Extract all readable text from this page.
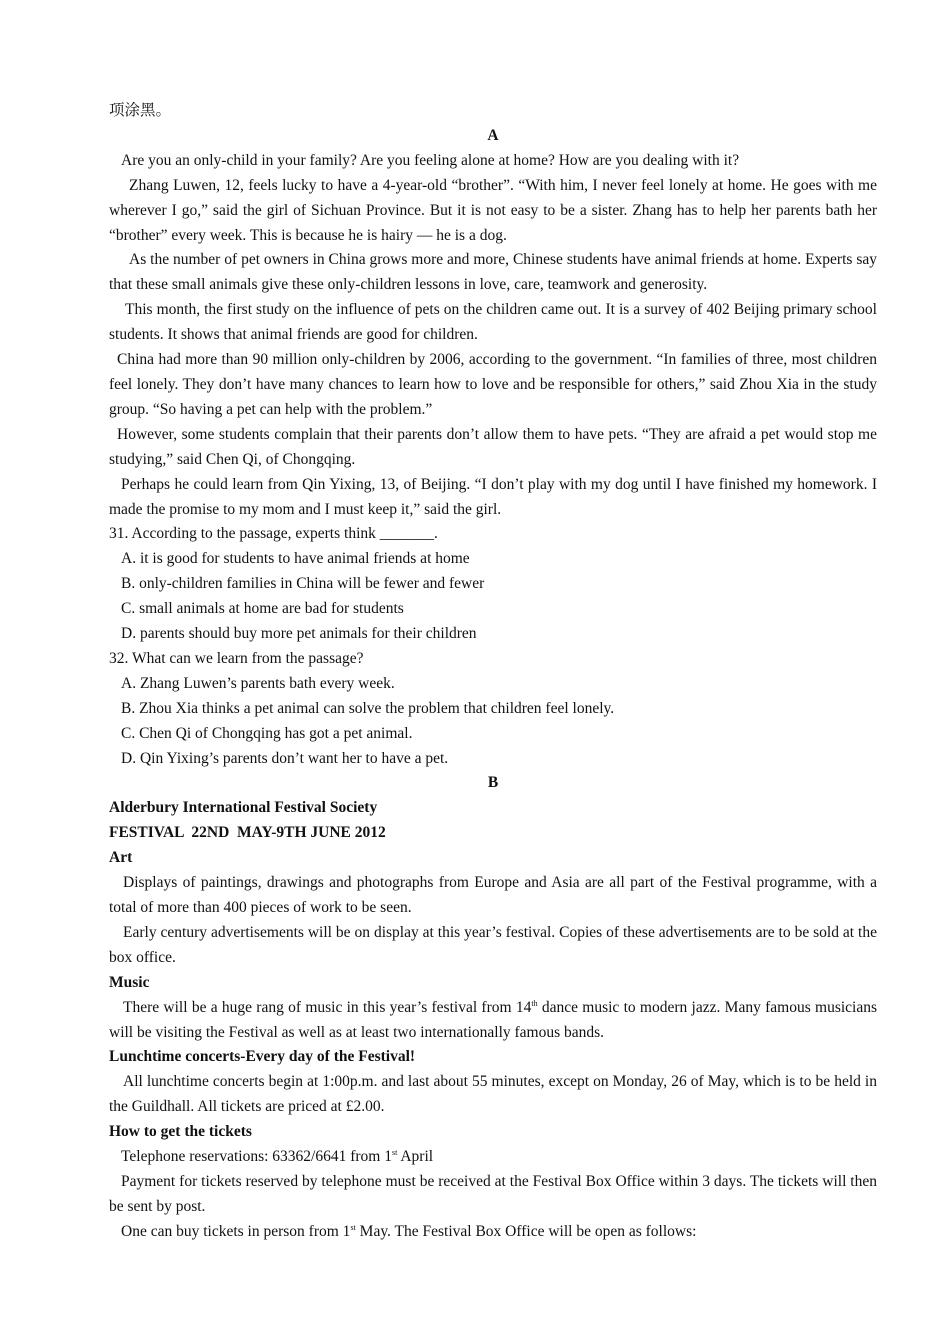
项涂黑。
A
Are you an only-child in your family? Are you feeling alone at home? How are you dealing with it?
Zhang Luwen, 12, feels lucky to have a 4-year-old “brother”. “With him, I never feel lonely at home. He goes with me wherever I go,” said the girl of Sichuan Province. But it is not easy to be a sister. Zhang has to help her parents bath her “brother” every week. This is because he is hairy — he is a dog.
As the number of pet owners in China grows more and more, Chinese students have animal friends at home. Experts say that these small animals give these only-children lessons in love, care, teamwork and generosity.
This month, the first study on the influence of pets on the children came out. It is a survey of 402 Beijing primary school students. It shows that animal friends are good for children.
China had more than 90 million only-children by 2006, according to the government. “In families of three, most children feel lonely. They don’t have many chances to learn how to love and be responsible for others,” said Zhou Xia in the study group. “So having a pet can help with the problem.”
However, some students complain that their parents don’t allow them to have pets. “They are afraid a pet would stop me studying,” said Chen Qi, of Chongqing.
Perhaps he could learn from Qin Yixing, 13, of Beijing. “I don’t play with my dog until I have finished my homework. I made the promise to my mom and I must keep it,” said the girl.
31. According to the passage, experts think _______.
A. it is good for students to have animal friends at home
B. only-children families in China will be fewer and fewer
C. small animals at home are bad for students
D. parents should buy more pet animals for their children
32. What can we learn from the passage?
A. Zhang Luwen’s parents bath every week.
B. Zhou Xia thinks a pet animal can solve the problem that children feel lonely.
C. Chen Qi of Chongqing has got a pet animal.
D. Qin Yixing’s parents don’t want her to have a pet.
B
Alderbury International Festival Society
FESTIVAL  22ND  MAY-9TH JUNE 2012
Art
Displays of paintings, drawings and photographs from Europe and Asia are all part of the Festival programme, with a total of more than 400 pieces of work to be seen.
Early century advertisements will be on display at this year’s festival. Copies of these advertisements are to be sold at the box office.
Music
There will be a huge rang of music in this year’s festival from 14th dance music to modern jazz. Many famous musicians will be visiting the Festival as well as at least two internationally famous bands.
Lunchtime concerts-Every day of the Festival!
All lunchtime concerts begin at 1:00p.m. and last about 55 minutes, except on Monday, 26 of May, which is to be held in the Guildhall. All tickets are priced at £2.00.
How to get the tickets
Telephone reservations: 63362/6641 from 1st April
Payment for tickets reserved by telephone must be received at the Festival Box Office within 3 days. The tickets will then be sent by post.
One can buy tickets in person from 1st May. The Festival Box Office will be open as follows:
